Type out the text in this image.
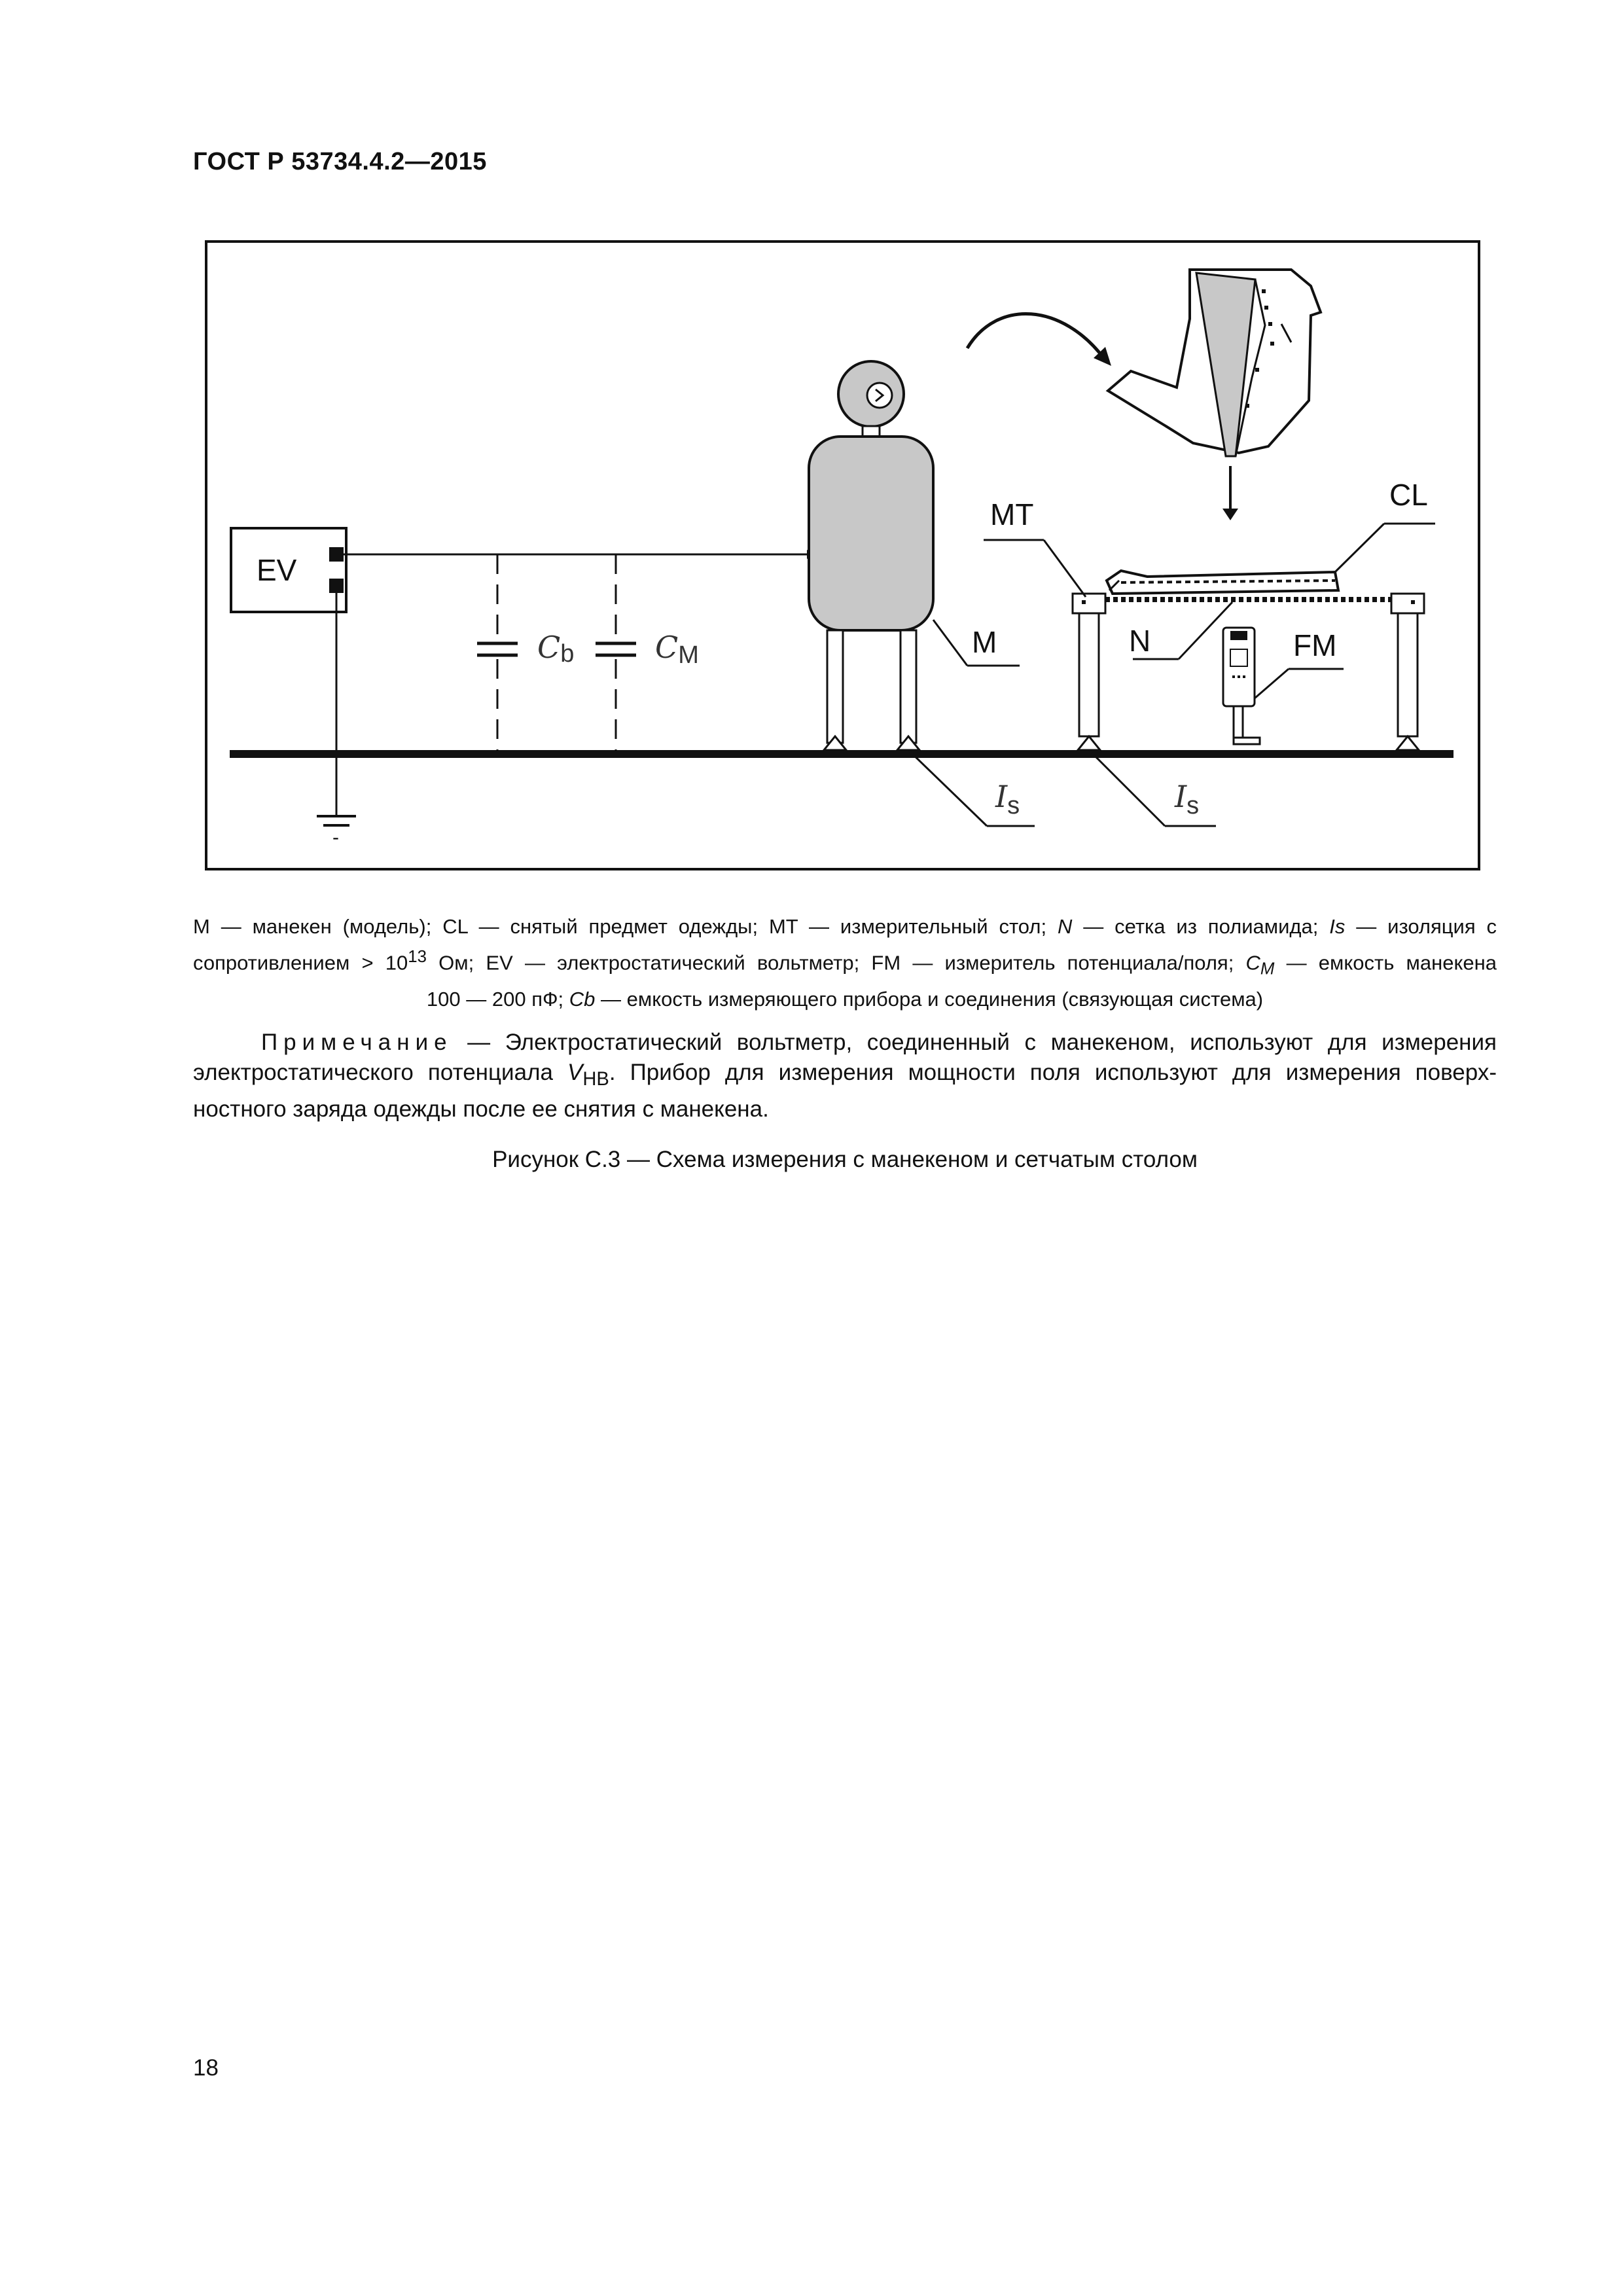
ГОСТ Р 53734.4.2—2015
EV
-
Cb	CM	M
MT
CL
N	FM
$I_s$	$I_s$
M — манекен (модель); CL — снятый предмет одежды; MT — измерительный стол; N — сетка из полиамида; Is — изоляция с
сопротивлением > $10^{13}$ Ом; EV — электростатический вольтметр; FM — измеритель потенциала/поля; $C_M$ — емкость манекена
100 — 200 пФ; Cb — емкость измеряющего прибора и соединения (связующая система)
Примечание — Электростатический вольтметр, соединенный с манекеном, используют для измерения
электростатического потенциала $V_{HB}$. Прибор для измерения мощности поля используют для измерения поверх-
ностного заряда одежды после ее снятия с манекена.
Рисунок С.3 — Схема измерения с манекеном и сетчатым столом
18
